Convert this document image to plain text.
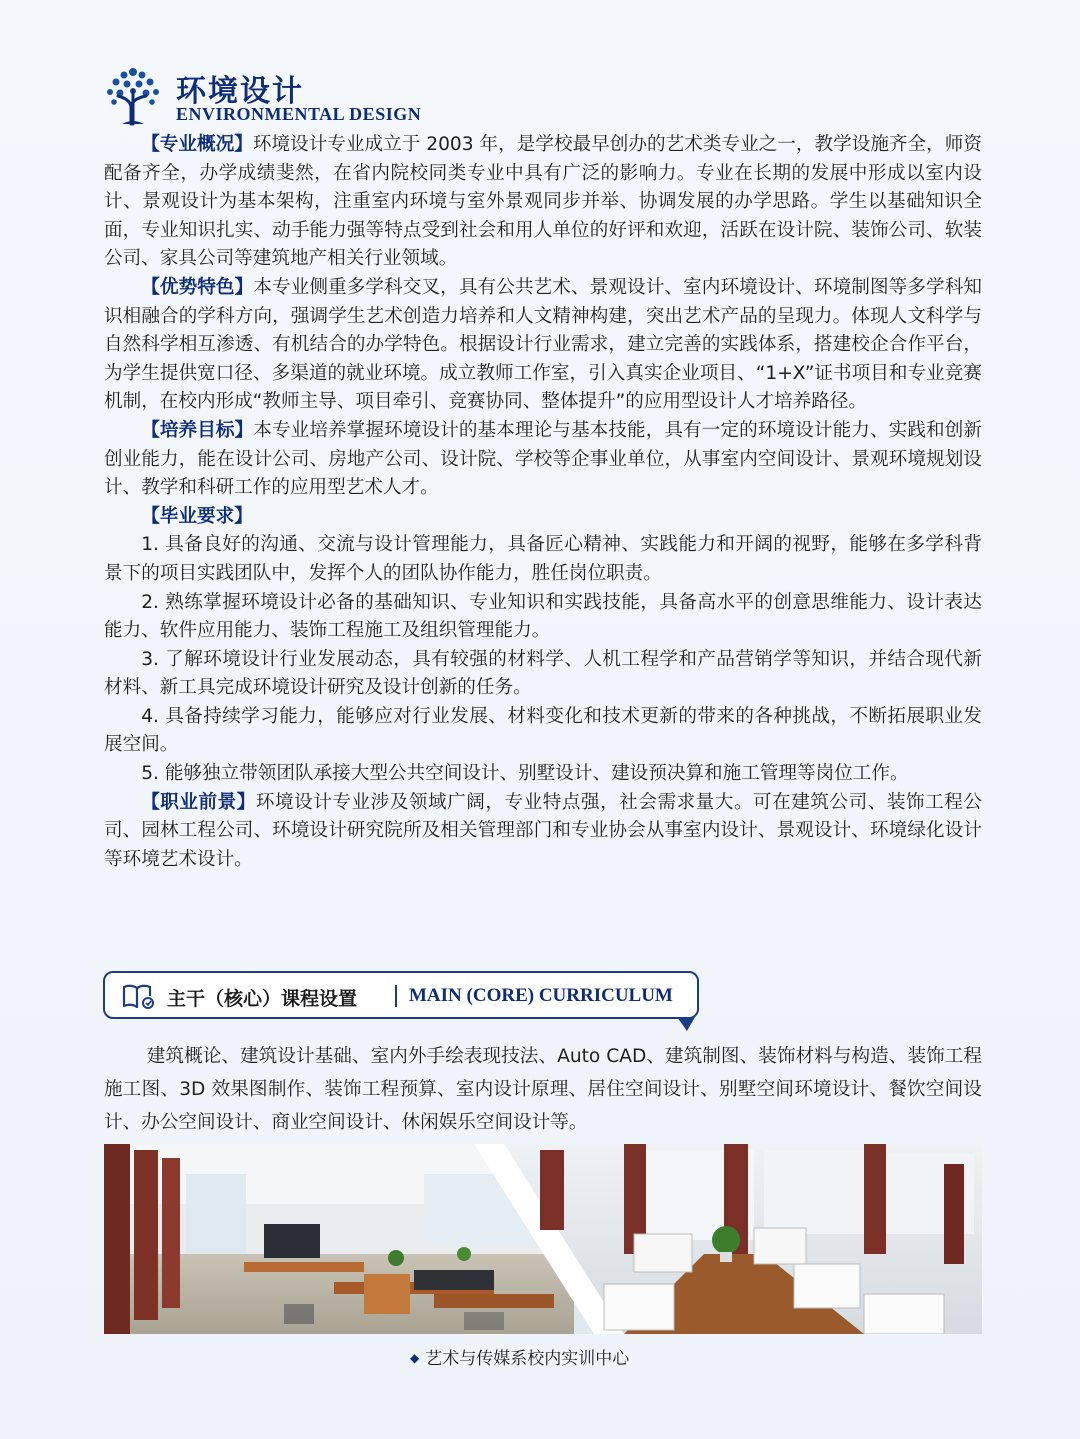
环境设计
ENVIRONMENTAL DESIGN

【专业概况】环境设计专业成立于 2003 年，是学校最早创办的艺术类专业之一，教学设施齐全，师资配备齐全，办学成绩斐然，在省内院校同类专业中具有广泛的影响力。专业在长期的发展中形成以室内设计、景观设计为基本架构，注重室内环境与室外景观同步并举、协调发展的办学思路。学生以基础知识全面，专业知识扎实、动手能力强等特点受到社会和用人单位的好评和欢迎，活跃在设计院、装饰公司、软装公司、家具公司等建筑地产相关行业领域。

【优势特色】本专业侧重多学科交叉，具有公共艺术、景观设计、室内环境设计、环境制图等多学科知识相融合的学科方向，强调学生艺术创造力培养和人文精神构建，突出艺术产品的呈现力。体现人文科学与自然科学相互渗透、有机结合的办学特色。根据设计行业需求，建立完善的实践体系，搭建校企合作平台，为学生提供宽口径、多渠道的就业环境。成立教师工作室，引入真实企业项目、“1+X”证书项目和专业竞赛机制，在校内形成“教师主导、项目牵引、竞赛协同、整体提升”的应用型设计人才培养路径。

【培养目标】本专业培养掌握环境设计的基本理论与基本技能，具有一定的环境设计能力、实践和创新创业能力，能在设计公司、房地产公司、设计院、学校等企事业单位，从事室内空间设计、景观环境规划设计、教学和科研工作的应用型艺术人才。

【毕业要求】

1. 具备良好的沟通、交流与设计管理能力，具备匠心精神、实践能力和开阔的视野，能够在多学科背景下的项目实践团队中，发挥个人的团队协作能力，胜任岗位职责。

2. 熟练掌握环境设计必备的基础知识、专业知识和实践技能，具备高水平的创意思维能力、设计表达能力、软件应用能力、装饰工程施工及组织管理能力。

3. 了解环境设计行业发展动态，具有较强的材料学、人机工程学和产品营销学等知识，并结合现代新材料、新工具完成环境设计研究及设计创新的任务。

4. 具备持续学习能力，能够应对行业发展、材料变化和技术更新的带来的各种挑战，不断拓展职业发展空间。

5. 能够独立带领团队承接大型公共空间设计、别墅设计、建设预决算和施工管理等岗位工作。

【职业前景】环境设计专业涉及领域广阔，专业特点强，社会需求量大。可在建筑公司、装饰工程公司、园林工程公司、环境设计研究院所及相关管理部门和专业协会从事室内设计、景观设计、环境绿化设计等环境艺术设计。

主干（核心）课程设置	MAIN (CORE) CURRICULUM

建筑概论、建筑设计基础、室内外手绘表现技法、Auto CAD、建筑制图、装饰材料与构造、装饰工程施工图、3D 效果图制作、装饰工程预算、室内设计原理、居住空间设计、别墅空间环境设计、餐饮空间设计、办公空间设计、商业空间设计、休闲娱乐空间设计等。

◆ 艺术与传媒系校内实训中心
